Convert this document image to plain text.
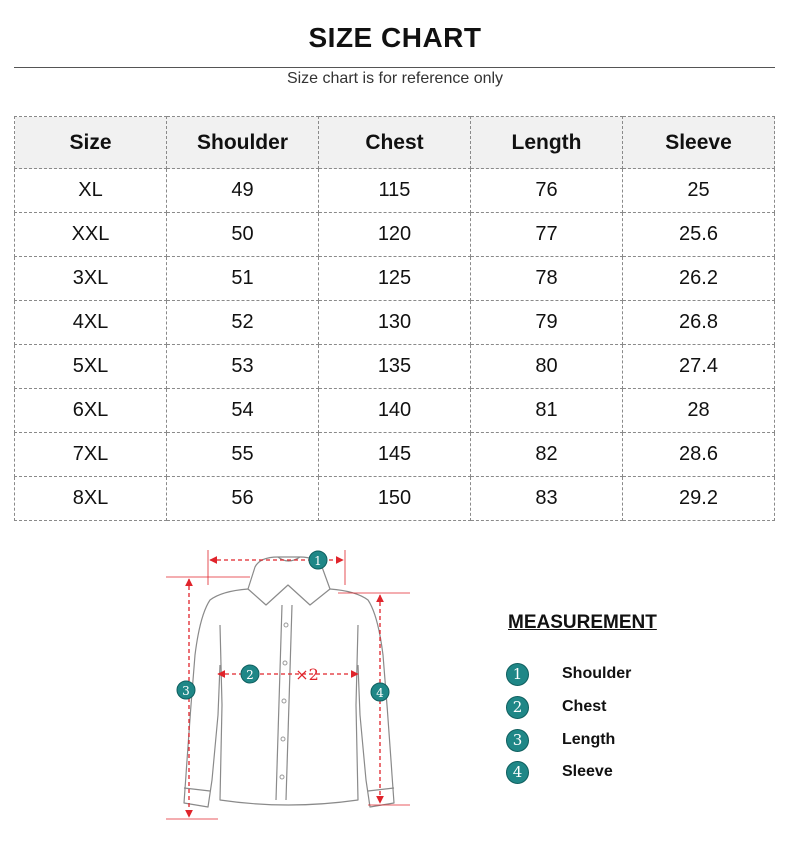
SIZE CHART
Size chart is for reference only
Size	Shoulder	Chest	Length	Sleeve
XL	49	115	76	25
XXL	50	120	77	25.6
3XL	51	125	78	26.2
4XL	52	130	79	26.8
5XL	53	135	80	27.4
6XL	54	140	81	28
7XL	55	145	82	28.6
8XL	56	150	83	29.2
1
2
3	4
×2
MEASUREMENT
1	Shoulder
2	Chest
3	Length
4	Sleeve
